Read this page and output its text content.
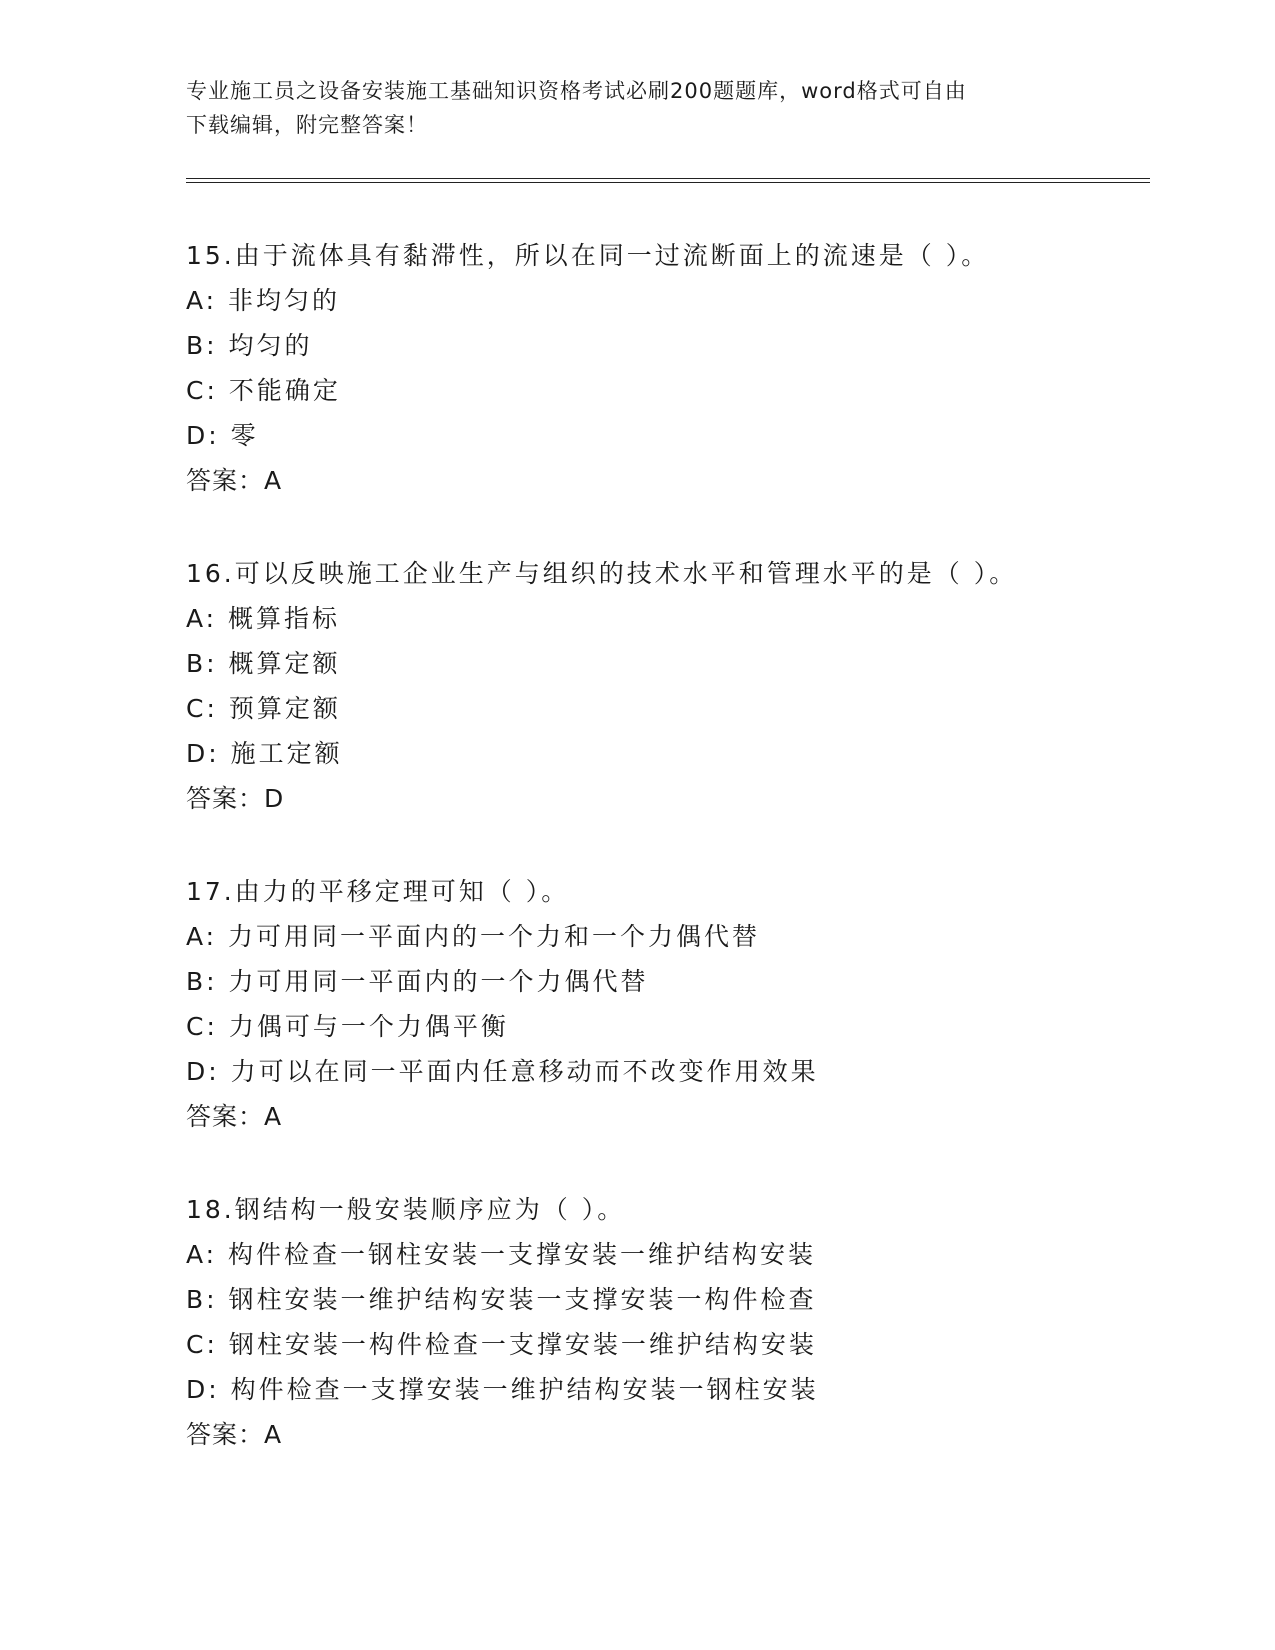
专业施工员之设备安装施工基础知识资格考试必刷200题题库，word格式可自由
下载编辑，附完整答案！
15.由于流体具有黏滞性，所以在同一过流断面上的流速是（ ）。
A: 非均匀的
B: 均匀的
C: 不能确定
D: 零
答案：A
16.可以反映施工企业生产与组织的技术水平和管理水平的是（ ）。
A: 概算指标
B: 概算定额
C: 预算定额
D: 施工定额
答案：D
17.由力的平移定理可知（ ）。
A: 力可用同一平面内的一个力和一个力偶代替
B: 力可用同一平面内的一个力偶代替
C: 力偶可与一个力偶平衡
D: 力可以在同一平面内任意移动而不改变作用效果
答案：A
18.钢结构一般安装顺序应为（ ）。
A: 构件检查一钢柱安装一支撑安装一维护结构安装
B: 钢柱安装一维护结构安装一支撑安装一构件检查
C: 钢柱安装一构件检查一支撑安装一维护结构安装
D: 构件检查一支撑安装一维护结构安装一钢柱安装
答案：A
